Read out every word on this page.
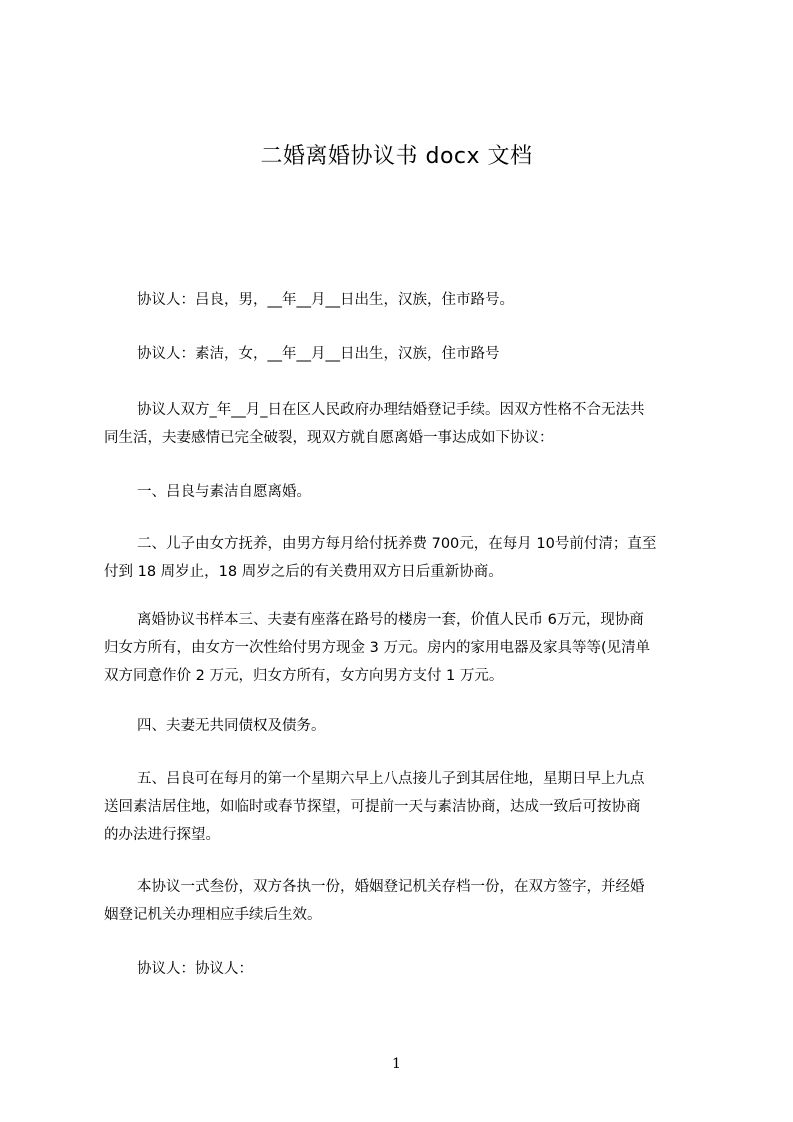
二婚离婚协议书 docx 文档
协议人：吕良，男，__年__月__日出生，汉族，住市路号。
协议人：素洁，女，__年__月__日出生，汉族，住市路号
协议人双方_年__月_日在区人民政府办理结婚登记手续。因双方性格不合无法共
同生活，夫妻感情已完全破裂，现双方就自愿离婚一事达成如下协议：
一、吕良与素洁自愿离婚。
二、儿子由女方抚养，由男方每月给付抚养费 700元，在每月 10号前付清；直至
付到 18 周岁止，18 周岁之后的有关费用双方日后重新协商。
离婚协议书样本三、夫妻有座落在路号的楼房一套，价值人民币 6万元，现协商
归女方所有，由女方一次性给付男方现金 3 万元。房内的家用电器及家具等等(见清单
双方同意作价 2 万元，归女方所有，女方向男方支付 1 万元。
四、夫妻无共同债权及债务。
五、吕良可在每月的第一个星期六早上八点接儿子到其居住地，星期日早上九点
送回素洁居住地，如临时或春节探望，可提前一天与素洁协商，达成一致后可按协商
的办法进行探望。
本协议一式叁份，双方各执一份，婚姻登记机关存档一份，在双方签字，并经婚
姻登记机关办理相应手续后生效。
协议人：协议人：
1
